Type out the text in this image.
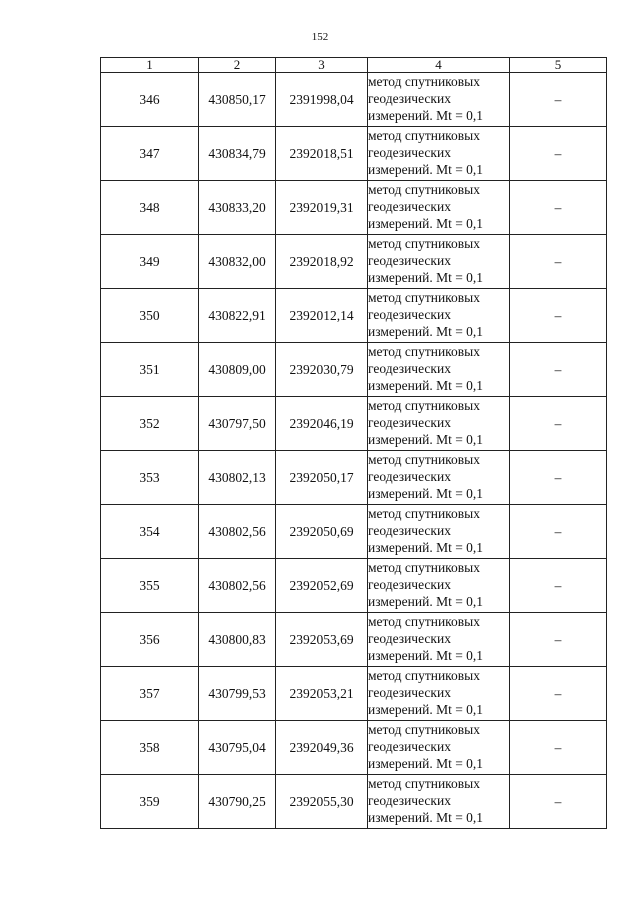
152
1	2	3	4	5
346	430850,17	2391998,04	метод спутниковых
геодезических
измерений. Mt = 0,1	–
347	430834,79	2392018,51	метод спутниковых
геодезических
измерений. Mt = 0,1	–
348	430833,20	2392019,31	метод спутниковых
геодезических
измерений. Mt = 0,1	–
349	430832,00	2392018,92	метод спутниковых
геодезических
измерений. Mt = 0,1	–
350	430822,91	2392012,14	метод спутниковых
геодезических
измерений. Mt = 0,1	–
351	430809,00	2392030,79	метод спутниковых
геодезических
измерений. Mt = 0,1	–
352	430797,50	2392046,19	метод спутниковых
геодезических
измерений. Mt = 0,1	–
353	430802,13	2392050,17	метод спутниковых
геодезических
измерений. Mt = 0,1	–
354	430802,56	2392050,69	метод спутниковых
геодезических
измерений. Mt = 0,1	–
355	430802,56	2392052,69	метод спутниковых
геодезических
измерений. Mt = 0,1	–
356	430800,83	2392053,69	метод спутниковых
геодезических
измерений. Mt = 0,1	–
357	430799,53	2392053,21	метод спутниковых
геодезических
измерений. Mt = 0,1	–
358	430795,04	2392049,36	метод спутниковых
геодезических
измерений. Mt = 0,1	–
359	430790,25	2392055,30	метод спутниковых
геодезических
измерений. Mt = 0,1	–
